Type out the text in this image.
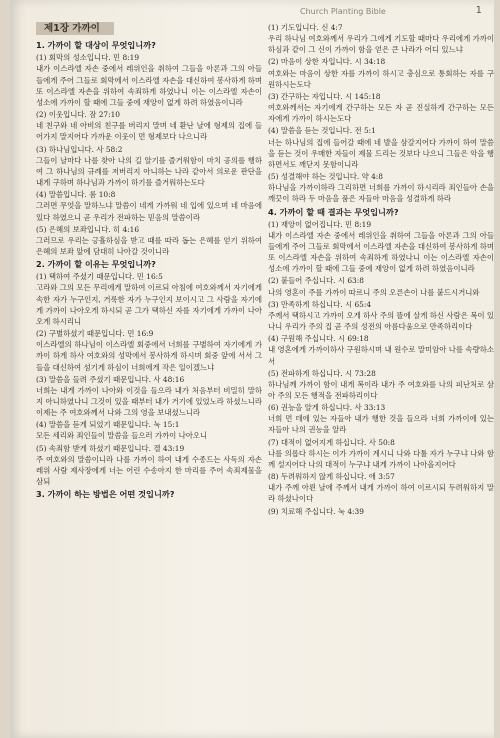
Church Planting Bible	1
제1장 가까이
1. 가까이 할 대상이 무엇입니까?
(1) 회막의 성소입니다. 민 8:19
내가 이스라엘 자손 중에서 레위인을 취하여 그들을 아론과 그의 아들들에게 주어 그들로 회막에서 이스라엘 자손을 대신하여 봉사하게 하며 또 이스라엘 자손을 위하여 속죄하게 하였나니 이는 이스라엘 자손이 성소에 가까이 할 때에 그들 중에 재앙이 없게 하려 하였음이니라
(2) 이웃입니다. 잠 27:10
네 친구와 네 아비의 친구를 버리지 말며 네 환난 날에 형제의 집에 들어가지 말지어다 가까운 이웃이 먼 형제보다 나으니라
(3) 하나님입니다. 사 58:2
그들이 날마다 나를 찾아 나의 길 알기를 즐거워함이 마치 공의를 행하여 그 하나님의 규례를 저버리지 아니하는 나라 같아서 의로운 판단을 내게 구하며 하나님과 가까이 하기를 즐거워하는도다
(4) 말씀입니다. 롬 10:8
그러면 무엇을 말하느냐 말씀이 네게 가까워 네 입에 있으며 네 마음에 있다 하였으니 곧 우리가 전파하는 믿음의 말씀이라
(5) 은혜의 보좌입니다. 히 4:16
그러므로 우리는 긍휼하심을 받고 때를 따라 돕는 은혜를 얻기 위하여 은혜의 보좌 앞에 담대히 나아갈 것이니라
2. 가까이 할 이유는 무엇입니까?
(1) 택하여 주셨기 때문입니다. 민 16:5
고라와 그의 모든 무리에게 말하여 이르되 아침에 여호와께서 자기에게 속한 자가 누구인지, 거룩한 자가 누구인지 보이시고 그 사람을 자기에게 가까이 나아오게 하시되 곧 그가 택하신 자를 자기에게 가까이 나아오게 하시리니
(2) 구별하셨기 때문입니다. 민 16:9
이스라엘의 하나님이 이스라엘 회중에서 너희를 구별하여 자기에게 가까이 하게 하사 여호와의 성막에서 봉사하게 하시며 회중 앞에 서서 그들을 대신하여 섬기게 하심이 너희에게 작은 일이겠느냐
(3) 말씀을 들려 주셨기 때문입니다. 사 48:16
너희는 내게 가까이 나아와 이것을 들으라 내가 처음부터 비밀히 말하지 아니하였나니 그것이 있을 때부터 내가 거기에 있었노라 하셨느니라 이제는 주 여호와께서 나와 그의 영을 보내셨느니라
(4) 말씀을 듣게 되었기 때문입니다. 눅 15:1
모든 세리와 죄인들이 말씀을 들으러 가까이 나아오니
(5) 속죄함 받게 하셨기 때문입니다. 겔 43:19
주 여호와의 말씀이니라 나를 가까이 하여 내게 수종드는 사독의 자손 레위 사람 제사장에게 너는 어린 수송아지 한 마리를 주어 속죄제물을 삼되
3. 가까이 하는 방법은 어떤 것입니까?
(1) 기도입니다. 신 4:7
우리 하나님 여호와께서 우리가 그에게 기도할 때마다 우리에게 가까이 하심과 같이 그 신이 가까이 함을 얻은 큰 나라가 어디 있느냐
(2) 마음이 상한 자입니다. 시 34:18
여호와는 마음이 상한 자를 가까이 하시고 충심으로 통회하는 자를 구원하시는도다
(3) 간구하는 자입니다. 시 145:18
여호와께서는 자기에게 간구하는 모든 자 곧 진실하게 간구하는 모든 자에게 가까이 하시는도다
(4) 말씀을 듣는 것입니다. 전 5:1
너는 하나님의 집에 들어갈 때에 네 발을 삼갈지어다 가까이 하여 말씀을 듣는 것이 우매한 자들이 제물 드리는 것보다 나으니 그들은 악을 행하면서도 깨닫지 못함이니라
(5) 성결해야 하는 것입니다. 약 4:8
하나님을 가까이하라 그리하면 너희를 가까이 하시리라 죄인들아 손을 깨끗이 하라 두 마음을 품은 자들아 마음을 성결하게 하라
4. 가까이 할 때 결과는 무엇입니까?
(1) 재앙이 없어집니다. 민 8:19
내가 이스라엘 자손 중에서 레위인을 취하여 그들을 아론과 그의 아들들에게 주어 그들로 회막에서 이스라엘 자손을 대신하여 봉사하게 하며 또 이스라엘 자손을 위하여 속죄하게 하였나니 이는 이스라엘 자손이 성소에 가까이 할 때에 그들 중에 재앙이 없게 하려 하였음이니라
(2) 붙들어 주십니다. 시 63:8
나의 영혼이 주를 가까이 따르니 주의 오른손이 나를 붙드시거니와
(3) 만족하게 하십니다. 시 65:4
주께서 택하시고 가까이 오게 하사 주의 뜰에 살게 하신 사람은 복이 있나니 우리가 주의 집 곧 주의 성전의 아름다움으로 만족하리이다
(4) 구원해 주십니다. 시 69:18
내 영혼에게 가까이하사 구원하시며 내 원수로 말미암아 나를 속량하소서
(5) 전파하게 하십니다. 시 73:28
하나님께 가까이 함이 내게 복이라 내가 주 여호와를 나의 피난처로 삼아 주의 모든 행적을 전파하리이다
(6) 권능을 알게 하십니다. 사 33:13
너희 먼 데에 있는 자들아 내가 행한 것을 들으라 너희 가까이에 있는 자들아 나의 권능을 알라
(7) 대적이 없어지게 하십니다. 사 50:8
나를 의롭다 하시는 이가 가까이 계시니 나와 다툴 자가 누구냐 나와 함께 설지어다 나의 대적이 누구냐 내게 가까이 나아올지어다
(8) 두려워하지 않게 하십니다. 애 3:57
내가 주께 아뢴 날에 주께서 내게 가까이 하여 이르시되 두려워하지 말라 하셨나이다
(9) 치료해 주십니다. 눅 4:39
